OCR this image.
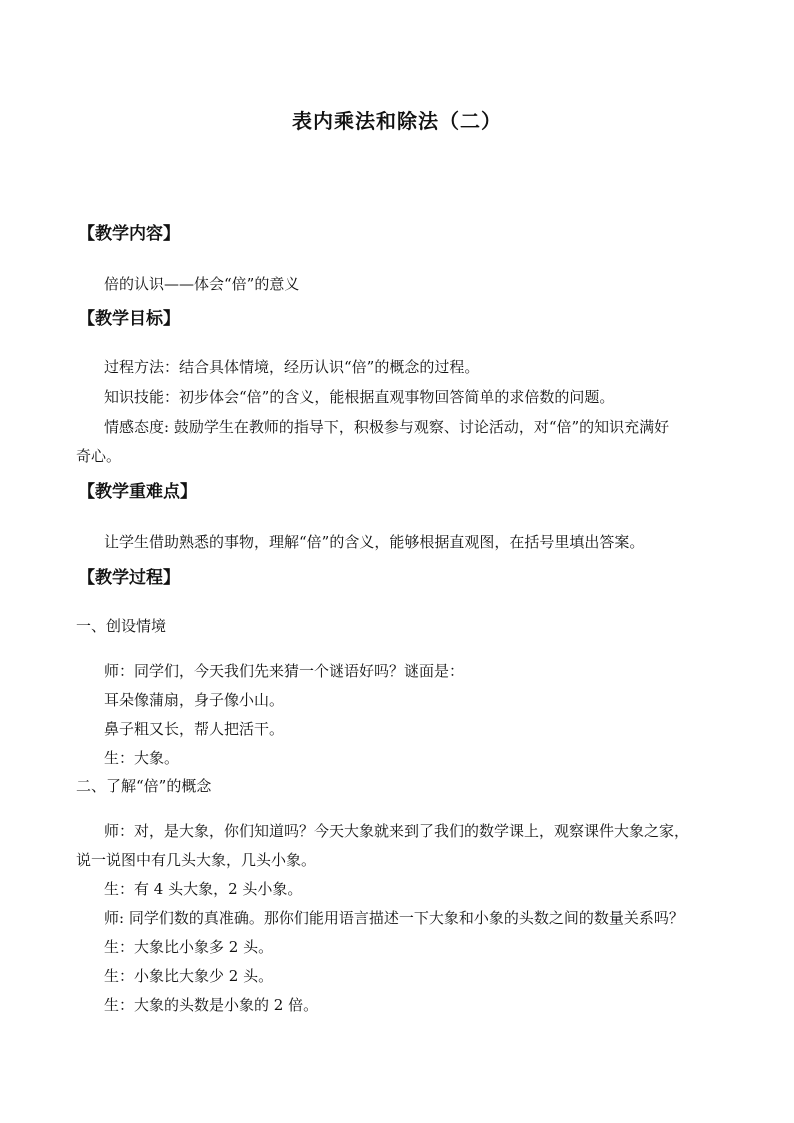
表内乘法和除法（二）
【教学内容】
倍的认识——体会“倍”的意义
【教学目标】
过程方法：结合具体情境，经历认识“倍”的概念的过程。
知识技能：初步体会“倍”的含义，能根据直观事物回答简单的求倍数的问题。
情感态度: 鼓励学生在教师的指导下，积极参与观察、讨论活动，对“倍”的知识充满好
奇心。
【教学重难点】
让学生借助熟悉的事物，理解“倍”的含义，能够根据直观图，在括号里填出答案。
【教学过程】
一、创设情境
师：同学们，今天我们先来猜一个谜语好吗？谜面是：
耳朵像蒲扇，身子像小山。
鼻子粗又长，帮人把活干。
生：大象。
二、了解“倍”的概念
师：对，是大象，你们知道吗？今天大象就来到了我们的数学课上，观察课件大象之家，
说一说图中有几头大象，几头小象。
生：有 4 头大象，2 头小象。
师: 同学们数的真准确。那你们能用语言描述一下大象和小象的头数之间的数量关系吗？
生：大象比小象多 2 头。
生：小象比大象少 2 头。
生：大象的头数是小象的 2 倍。
